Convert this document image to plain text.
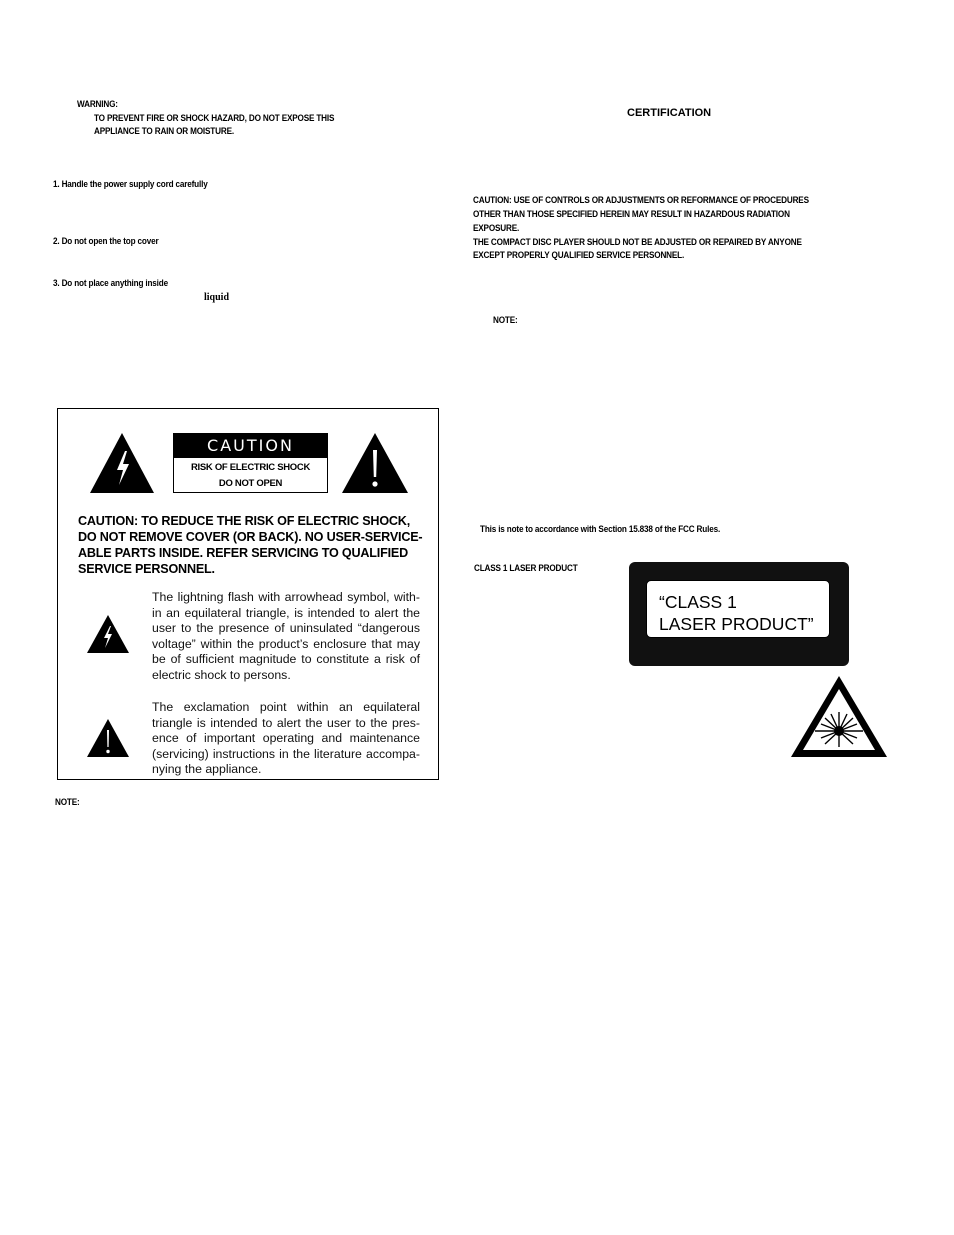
WARNING:
TO PREVENT FIRE OR SHOCK HAZARD, DO NOT EXPOSE THIS
APPLIANCE TO RAIN OR MOISTURE.
1. Handle the power supply cord carefully
2. Do not open the top cover
3. Do not place anything inside
liquid
CAUTION
RISK OF ELECTRIC SHOCK
DO NOT OPEN

CAUTION: TO REDUCE THE RISK OF ELECTRIC SHOCK, DO NOT REMOVE COVER (OR BACK). NO USER-SERVICE-ABLE PARTS INSIDE. REFER SERVICING TO QUALIFIED SERVICE PERSONNEL.

The lightning flash with arrowhead symbol, with-in an equilateral triangle, is intended to alert the user to the presence of uninsulated “dangerous voltage” within the product’s enclosure that may be of sufficient magnitude to constitute a risk of electric shock to persons.

The exclamation point within an equilateral triangle is intended to alert the user to the pres-ence of important operating and maintenance (servicing) instructions in the literature accompa-nying the appliance.

NOTE:
CERTIFICATION
CAUTION: USE OF CONTROLS OR ADJUSTMENTS OR REFORMANCE OF PROCEDURES
OTHER THAN THOSE SPECIFIED HEREIN MAY RESULT IN HAZARDOUS RADIATION
EXPOSURE.
THE COMPACT DISC PLAYER SHOULD NOT BE ADJUSTED OR REPAIRED BY ANYONE
EXCEPT PROPERLY QUALIFIED SERVICE PERSONNEL.
NOTE:
This is note to accordance with Section 15.838 of the FCC Rules.
CLASS 1 LASER PRODUCT

“CLASS 1
LASER PRODUCT”
